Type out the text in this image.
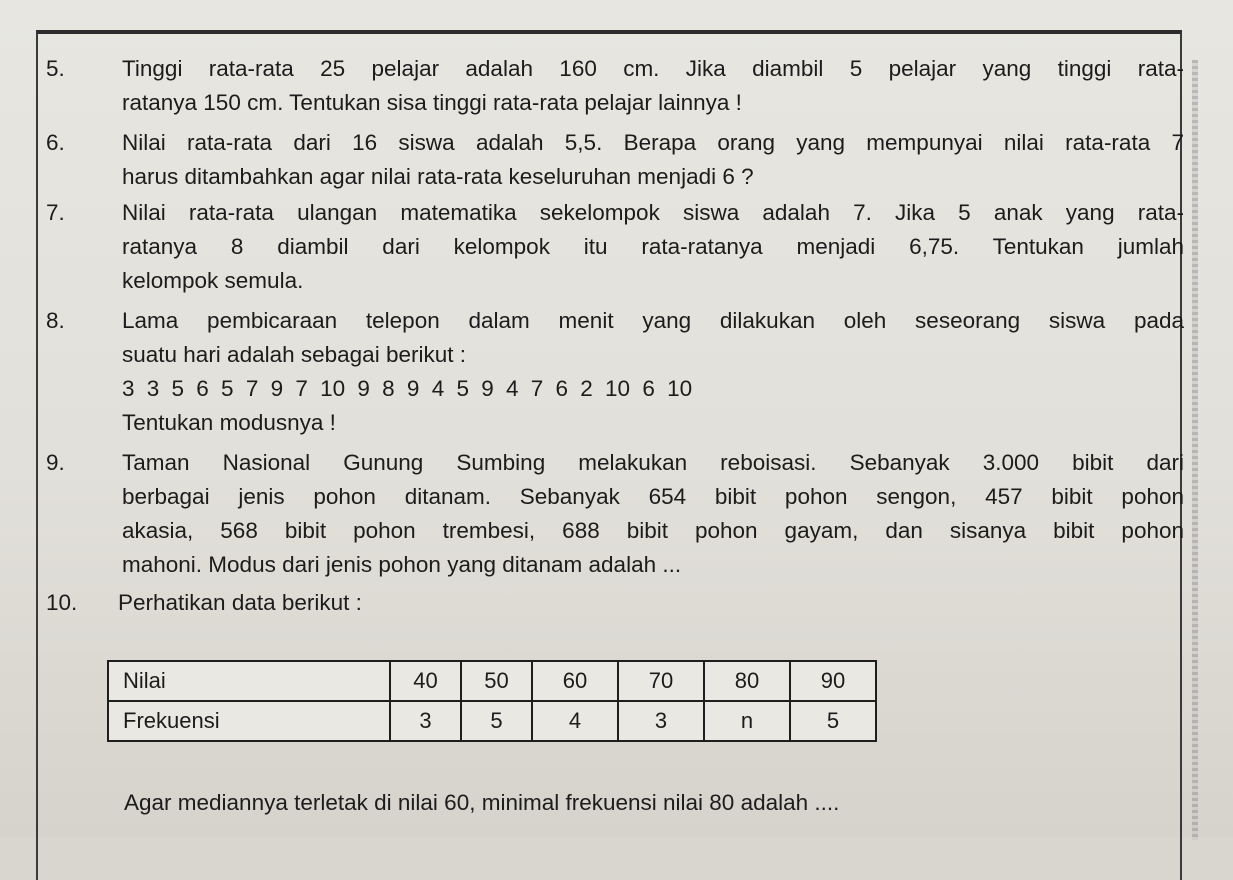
5.	Tinggi rata-rata 25 pelajar adalah 160 cm. Jika diambil 5 pelajar yang tinggi rata-
ratanya 150 cm. Tentukan sisa tinggi rata-rata pelajar lainnya !
6.	Nilai rata-rata dari 16 siswa adalah 5,5. Berapa orang yang mempunyai nilai rata-rata 7
harus ditambahkan agar nilai rata-rata keseluruhan menjadi 6 ?
7.	Nilai rata-rata ulangan matematika sekelompok siswa adalah 7. Jika 5 anak yang rata-
ratanya 8 diambil dari kelompok itu rata-ratanya menjadi 6,75. Tentukan jumlah
kelompok semula.
8.	Lama pembicaraan telepon dalam menit yang dilakukan oleh seseorang siswa pada
suatu hari adalah sebagai berikut :
3 3 5 6 5 7 9 7 10 9 8 9 4 5 9 4 7 6 2 10 6 10
Tentukan modusnya !
9.	Taman Nasional Gunung Sumbing melakukan reboisasi. Sebanyak 3.000 bibit dari
berbagai jenis pohon ditanam. Sebanyak 654 bibit pohon sengon, 457 bibit pohon
akasia, 568 bibit pohon trembesi, 688 bibit pohon gayam, dan sisanya bibit pohon
mahoni. Modus dari jenis pohon yang ditanam adalah ...
10.	Perhatikan data berikut :
Nilai	40	50	60	70	80	90
Frekuensi	3	5	4	3	n	5
Agar mediannya terletak di nilai 60, minimal frekuensi nilai 80 adalah ....
